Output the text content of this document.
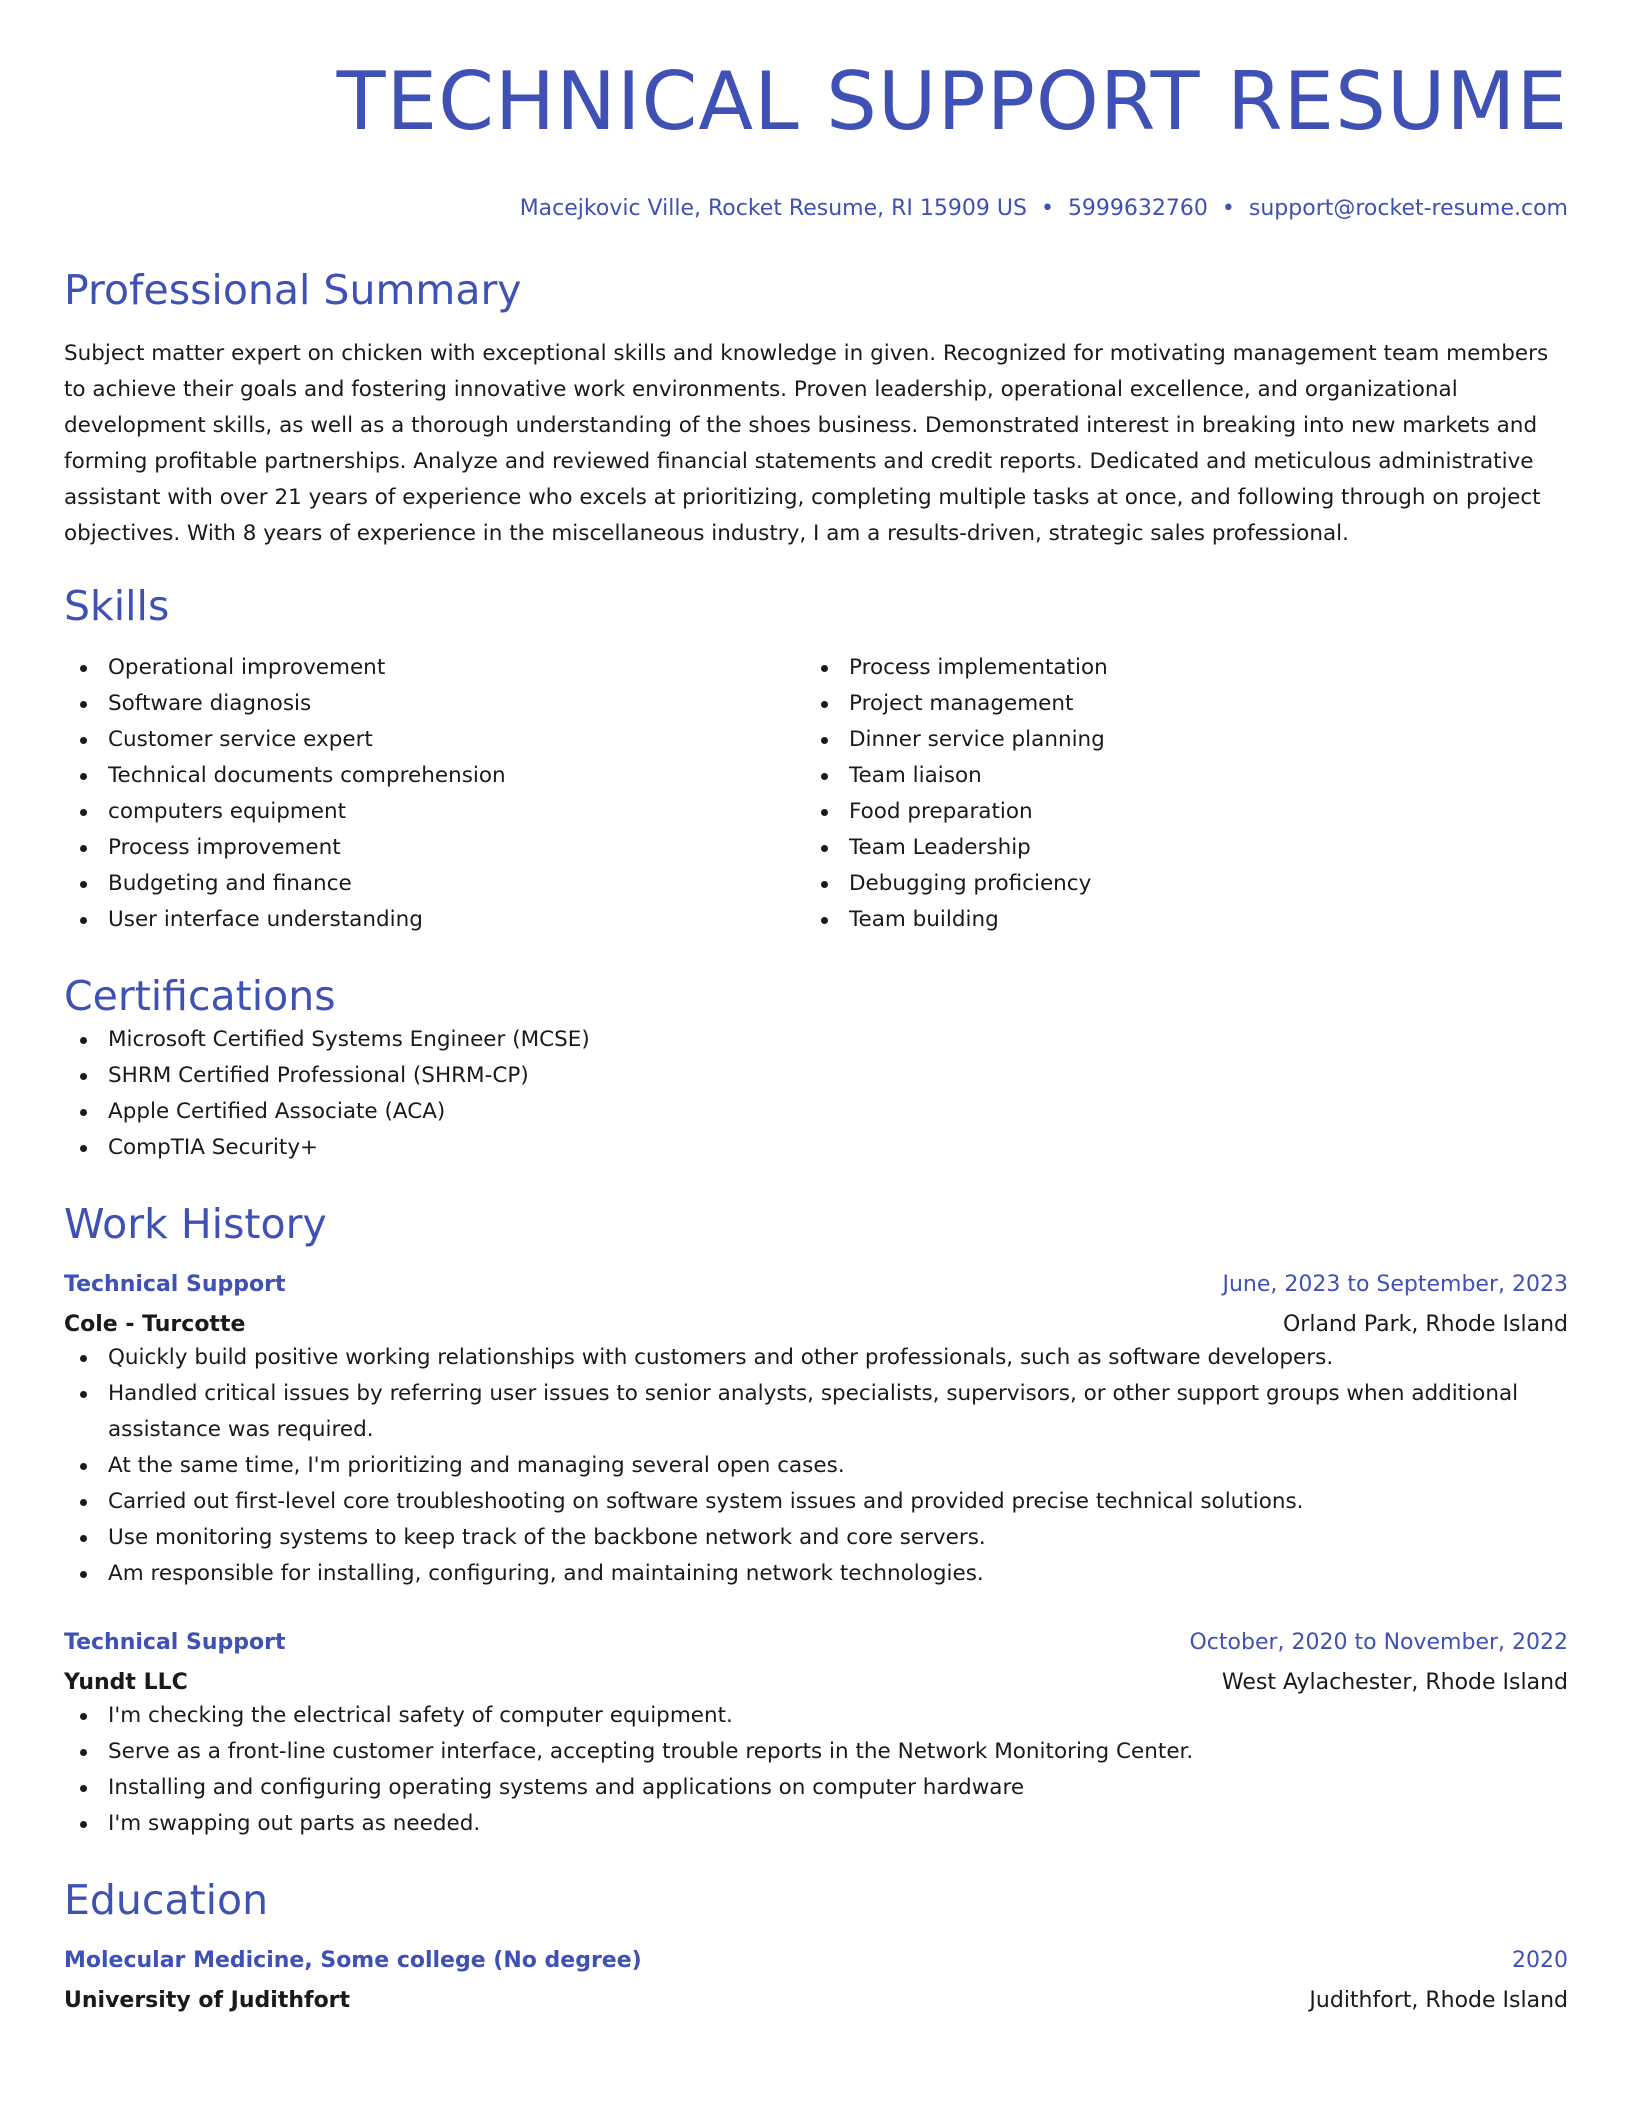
TECHNICAL SUPPORT RESUME
Macejkovic Ville, Rocket Resume, RI 15909 US • 5999632760 • support@rocket-resume.com
Professional Summary
Subject matter expert on chicken with exceptional skills and knowledge in given. Recognized for motivating management team members to achieve their goals and fostering innovative work environments. Proven leadership, operational excellence, and organizational development skills, as well as a thorough understanding of the shoes business. Demonstrated interest in breaking into new markets and forming profitable partnerships. Analyze and reviewed financial statements and credit reports. Dedicated and meticulous administrative assistant with over 21 years of experience who excels at prioritizing, completing multiple tasks at once, and following through on project objectives. With 8 years of experience in the miscellaneous industry, I am a results-driven, strategic sales professional.
Skills
Operational improvement
Software diagnosis
Customer service expert
Technical documents comprehension
computers equipment
Process improvement
Budgeting and finance
User interface understanding
Process implementation
Project management
Dinner service planning
Team liaison
Food preparation
Team Leadership
Debugging proficiency
Team building
Certifications
Microsoft Certified Systems Engineer (MCSE)
SHRM Certified Professional (SHRM-CP)
Apple Certified Associate (ACA)
CompTIA Security+
Work History
Technical Support	June, 2023 to September, 2023
Cole - Turcotte	Orland Park, Rhode Island
Quickly build positive working relationships with customers and other professionals, such as software developers.
Handled critical issues by referring user issues to senior analysts, specialists, supervisors, or other support groups when additional assistance was required.
At the same time, I'm prioritizing and managing several open cases.
Carried out first-level core troubleshooting on software system issues and provided precise technical solutions.
Use monitoring systems to keep track of the backbone network and core servers.
Am responsible for installing, configuring, and maintaining network technologies.
Technical Support	October, 2020 to November, 2022
Yundt LLC	West Aylachester, Rhode Island
I'm checking the electrical safety of computer equipment.
Serve as a front-line customer interface, accepting trouble reports in the Network Monitoring Center.
Installing and configuring operating systems and applications on computer hardware
I'm swapping out parts as needed.
Education
Molecular Medicine, Some college (No degree)	2020
University of Judithfort	Judithfort, Rhode Island
